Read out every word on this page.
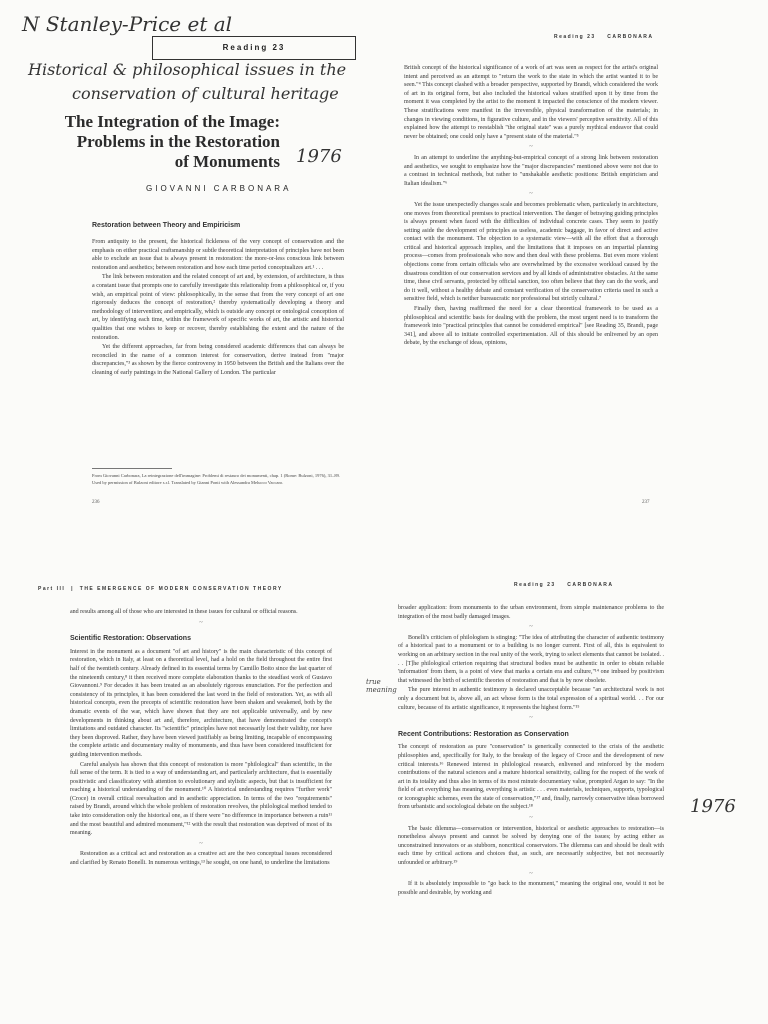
N Stanley-Price et al
Reading 23
Historical & philosophical issues in the
conservation of cultural heritage
The Integration of the Image:
Problems in the Restoration
of Monuments 1976
GIOVANNI CARBONARA
Restoration between Theory and Empiricism

From antiquity to the present, the historical fickleness of the very concept of conservation and the emphasis on either practical craftsmanship or subtle theoretical interpretation of principles have not been able to exclude an issue that is always present in restoration: the more-or-less conscious link between restoration and aesthetics; between restoration and how each time period conceptualizes art.¹ . . .

The link between restoration and the related concept of art and, by extension, of architecture, is thus a constant issue that prompts one to carefully investigate this relationship from a philosophical or, if you wish, an empirical point of view: philosophically, in the sense that from the very concept of art one rigorously deduces the concept of restoration,² thereby systematically developing a theory and methodology of intervention; and empirically, which is outside any concept or ontological conception of art, by identifying each time, within the framework of specific works of art, the artistic and historical qualities that one wishes to keep or recover, thereby establishing the extent and the nature of the restoration.

Yet the different approaches, far from being considered academic differences that can always be reconciled in the name of a common interest for conservation, derive instead from "major discrepancies,"³ as shown by the fierce controversy in 1950 between the British and the Italians over the cleaning of early paintings in the National Gallery of London. The particular

From Giovanni Carbonara, La reintegrazione dell'immagine: Problemi di restauro dei monumenti, chap. 1 (Rome: Bulzoni, 1976), 31–89. Used by permission of Bulzoni editore s.r.l. Translated by Gianni Ponti with Alessandra Melucco Vaccaro.
236
Reading 23 CARBONARA

British concept of the historical significance of a work of art was seen as respect for the artist's original intent and perceived as an attempt to "return the work to the state in which the artist wanted it to be seen."⁴ This concept clashed with a broader perspective, supported by Brandi, which considered the work of art in its original form, but also included the historical values stratified upon it by time from the moment it was completed by the artist to the moment it impacted the conscience of the modern viewer. These stratifications were manifest in the irreversible, physical transformation of the materials; in changes in viewing conditions, in figurative culture, and in the viewers' perceptive sensitivity. All of this explained how the attempt to reestablish "the original state" was a purely mythical endeavor that could never be obtained; one could only have a "present state of the material."⁵

~

In an attempt to underline the anything-but-empirical concept of a strong link between restoration and aesthetics, we sought to emphasize how the "major discrepancies" mentioned above were not due to a contrast in technical methods, but rather to "unshakable aesthetic positions: British empiricism and Italian idealism."⁶

~

Yet the issue unexpectedly changes scale and becomes problematic when, particularly in architecture, one moves from theoretical premises to practical intervention. The danger of betraying guiding principles is always present when faced with the difficulties of individual concrete cases. They seem to justify setting aside the development of principles as useless, academic baggage, in favor of direct and active contact with the monument. The objection to a systematic view—with all the effort that a thorough critical and historical approach implies, and the limitations that it imposes on an impartial planning process—comes from professionals who now and then deal with these problems. But even more violent objections come from certain officials who are overwhelmed by the excessive workload caused by the disastrous condition of our conservation services and by all kinds of administrative obstacles. At the same time, these civil servants, protected by official sanction, too often believe that they can do the work, and do it well, without a healthy debate and constant verification of the conservation criteria used in such a sensitive field, which is neither bureaucratic nor professional but strictly cultural.⁷

Finally then, having reaffirmed the need for a clear theoretical framework to be used as a philosophical and scientific basis for dealing with the problem, the most urgent need is to transform the framework into "practical principles that cannot be considered empirical" [see Reading 35, Brandi, page 341], and above all to initiate controlled experimentation. All of this should be enlivened by an open debate, by the exchange of ideas, opinions,

237
Part III  |  THE EMERGENCE OF MODERN CONSERVATION THEORY

and results among all of those who are interested in these issues for cultural or official reasons.

~
Scientific Restoration: Observations

Interest in the monument as a document "of art and history" is the main characteristic of this concept of restoration, which in Italy, at least on a theoretical level, had a hold on the field throughout the entire first half of the twentieth century. Already defined in its essential terms by Camillo Boito since the last quarter of the nineteenth century,⁸ it then received more complete elaboration thanks to the steadfast work of Gustavo Giovannoni.⁹ For decades it has been treated as an absolutely rigorous enunciation. For the perfection and consistency of its principles, it has been considered the last word in the field of restoration. Yet, as with all historical concepts, even the precepts of scientific restoration have been shaken and weakened, both by the dramatic events of the war, which have shown that they are not applicable universally, and by new developments in thinking about art and, therefore, architecture, that have demonstrated the concept's limitations and outdated character. Its "scientific" principles have not necessarily lost their validity, nor have they been disproved. Rather, they have been viewed justifiably as being limiting, incapable of encompassing the complete artistic and documentary reality of monuments, and thus have been considered insufficient for guiding intervention methods.

Careful analysis has shown that this concept of restoration is more "philological" than scientific, in the full sense of the term. It is tied to a way of understanding art, and particularly architecture, that is essentially positivistic and classificatory with attention to evolutionary and stylistic aspects, but that is insufficient for reaching a historical understanding of the monument.¹⁰ A historical understanding requires "further work" (Croce) in overall critical reevaluation and in aesthetic appreciation. In terms of the two "requirements" raised by Brandi, around which the whole problem of restoration revolves, the philological method tended to take into consideration only the historical one, as if there were "no difference in importance between a ruin¹¹ and the most beautiful and admired monument,"¹² with the result that restoration was deprived of most of its meaning.

~

Restoration as a critical act and restoration as a creative act are the two conceptual issues reconsidered and clarified by Renato Bonelli. In numerous writings,¹³ he sought, on one hand, to underline the limitations

Reading 23 CARBONARA
true meaning
1976

broader application: from monuments to the urban environment, from simple maintenance problems to the integration of the most badly damaged images.

~

Bonelli's criticism of philologism is stinging: "The idea of attributing the character of authentic testimony of a historical past to a monument or to a building is no longer current. First of all, this is equivalent to working on an arbitrary section in the real unity of the work, trying to select elements that cannot be isolated. . . . [T]he philological criterion requiring that structural bodies must be authentic in order to obtain reliable 'information' from them, is a point of view that marks a certain era and culture,"¹⁴ one imbued by positivism that witnessed the birth of scientific theories of restoration and that is by now obsolete.

The pure interest in authentic testimony is declared unacceptable because "an architectural work is not only a document but is, above all, an act whose form is the total expression of a spiritual world. . . For our culture, because of its artistic significance, it represents the highest form."¹⁵

~
Recent Contributions: Restoration as Conservation

The concept of restoration as pure "conservation" is generically connected to the crisis of the aesthetic philosophies and, specifically for Italy, to the breakup of the legacy of Croce and the development of new critical interests.¹⁶ Renewed interest in philological research, enlivened and reinforced by the modern contributions of the natural sciences and a mature historical sensitivity, calling for the respect of the work of art in its totality and thus also in terms of its most minute documentary value, prompted Argan to say: "In the field of art everything has meaning, everything is artistic . . . even materials, techniques, supports, typological or iconographic schemes, even the state of conservation,"¹⁷ and, finally, narrowly conservative ideas borrowed from urbanistic and sociological debate on the subject.¹⁸

~

The basic dilemma—conservation or intervention, historical or aesthetic approaches to restoration—is nonetheless always present and cannot be solved by denying one of the issues; by acting either as unconstrained innovators or as stubborn, noncritical conservators. The dilemma can and should be dealt with each time by critical actions and choices that, as such, are necessarily subjective, but not necessarily unfounded or arbitrary.¹⁹

~

If it is absolutely impossible to "go back to the monument," meaning the original one, would it not be possible and desirable, by working and
